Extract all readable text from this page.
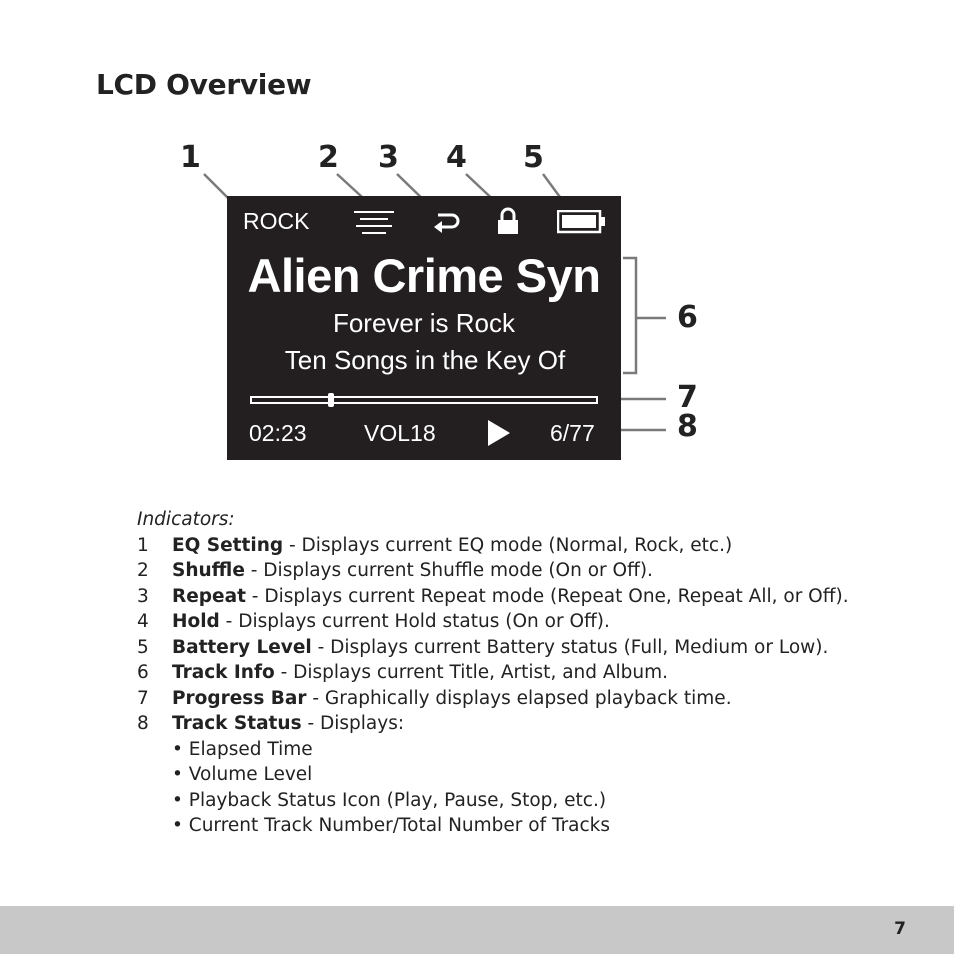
LCD Overview
1	2 3 4 5
6
7
8
ROCK
Alien Crime Syn
Forever is Rock
Ten Songs in the Key Of
02:23 VOL18	6/77
Indicators:
1 EQ Setting - Displays current EQ mode (Normal, Rock, etc.)
2 Shuffle - Displays current Shuffle mode (On or Off).
3 Repeat - Displays current Repeat mode (Repeat One, Repeat All, or Off).
4 Hold - Displays current Hold status (On or Off).
5 Battery Level - Displays current Battery status (Full, Medium or Low).
6 Track Info - Displays current Title, Artist, and Album.
7 Progress Bar - Graphically displays elapsed playback time.
8 Track Status - Displays:
• Elapsed Time
• Volume Level
• Playback Status Icon (Play, Pause, Stop, etc.)
• Current Track Number/Total Number of Tracks
7
